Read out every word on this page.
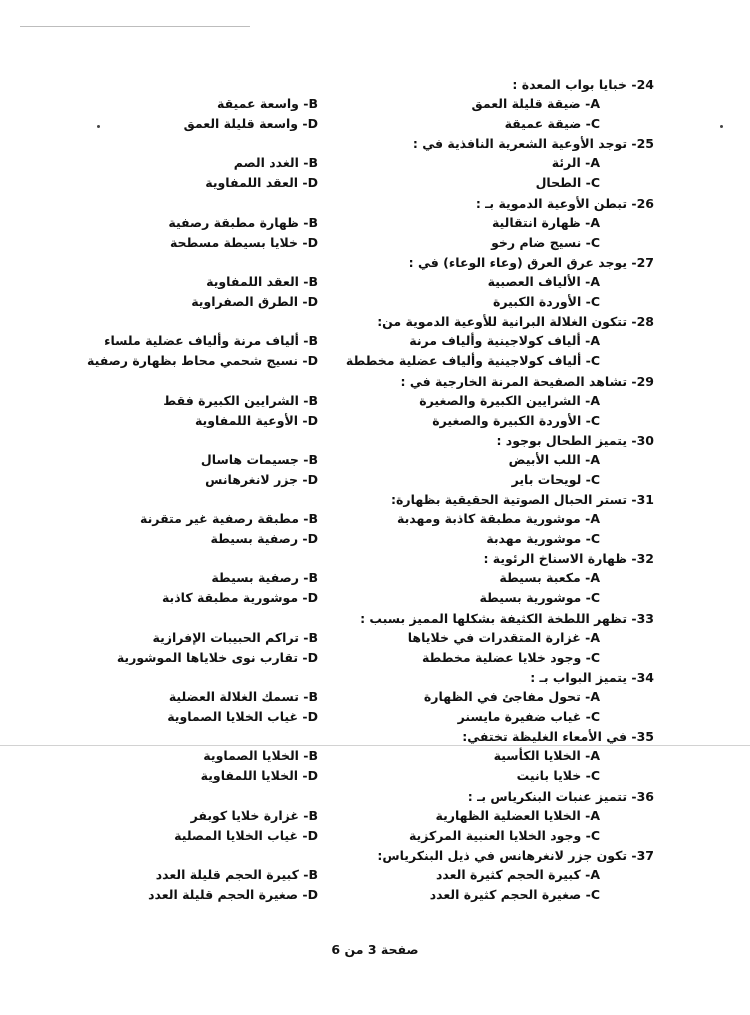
24- خبايا بواب المعدة :
A- ضيقة قليلة العمق
B- واسعة عميقة
C- ضيقة عميقة
D- واسعة قليلة العمق
25- توجد الأوعية الشعرية النافذية في :
A- الرئة
B- الغدد الصم
C- الطحال
D- العقد اللمفاوية
26- تبطن الأوعية الدموية بـ :
A- ظهارة انتقالية
B- ظهارة مطبقة رصفية
C- نسيج ضام رخو
D- خلايا بسيطة مسطحة
27- يوجد عرق العرق (وعاء الوعاء) في :
A- الألياف العصبية
B- العقد اللمفاوية
C- الأوردة الكبيرة
D- الطرق الصفراوية
28- تتكون الغلالة البرانية للأوعية الدموية من:
A- ألياف كولاجينية وألياف مرنة
B- ألياف مرنة وألياف عضلية ملساء
C- ألياف كولاجينية وألياف عضلية مخططة
D- نسيج شحمي محاط بظهارة رصفية
29- تشاهد الصفيحة المرنة الخارجية في :
A- الشرايين الكبيرة والصغيرة
B- الشرايين الكبيرة فقط
C- الأوردة الكبيرة والصغيرة
D- الأوعية اللمفاوية
30- يتميز الطحال بوجود :
A- اللب الأبيض
B- جسيمات هاسال
C- لويحات باير
D- جزر لانغرهانس
31- تستر الحبال الصوتية الحقيقية بظهارة:
A- موشورية مطبقة كاذبة ومهدبة
B- مطبقة رصفية غير متقرنة
C- موشورية مهدبة
D- رصفية بسيطة
32- ظهارة الاسناخ الرئوية :
A- مكعبة بسيطة
B- رصفية بسيطة
C- موشورية بسيطة
D- موشورية مطبقة كاذبة
33- تظهر اللطخة الكثيفة بشكلها المميز بسبب :
A- غزارة المتقدرات في خلاياها
B- تراكم الحبيبات الإفرازية
C- وجود خلايا عضلية مخططة
D- تقارب نوى خلاياها الموشورية
34- يتميز البواب بـ :
A- تحول مفاجئ في الظهارة
B- تسمك الغلالة العضلية
C- غياب ضفيرة مايسنر
D- غياب الخلايا الصماوية
35- في الأمعاء الغليظة تختفي:
A- الخلايا الكأسية
B- الخلايا الصماوية
C- خلايا بانيت
D- الخلايا اللمفاوية
36- تتميز عنبات البنكرياس بـ :
A- الخلايا العضلية الظهارية
B- غزارة خلايا كوبفر
C- وجود الخلايا العنبية المركزية
D- غياب الخلايا المصلية
37- تكون جزر لانغرهانس في ذيل البنكرياس:
A- كبيرة الحجم كثيرة العدد
B- كبيرة الحجم قليلة العدد
C- صغيرة الحجم كثيرة العدد
D- صغيرة الحجم قليلة العدد
صفحة 3 من 6
